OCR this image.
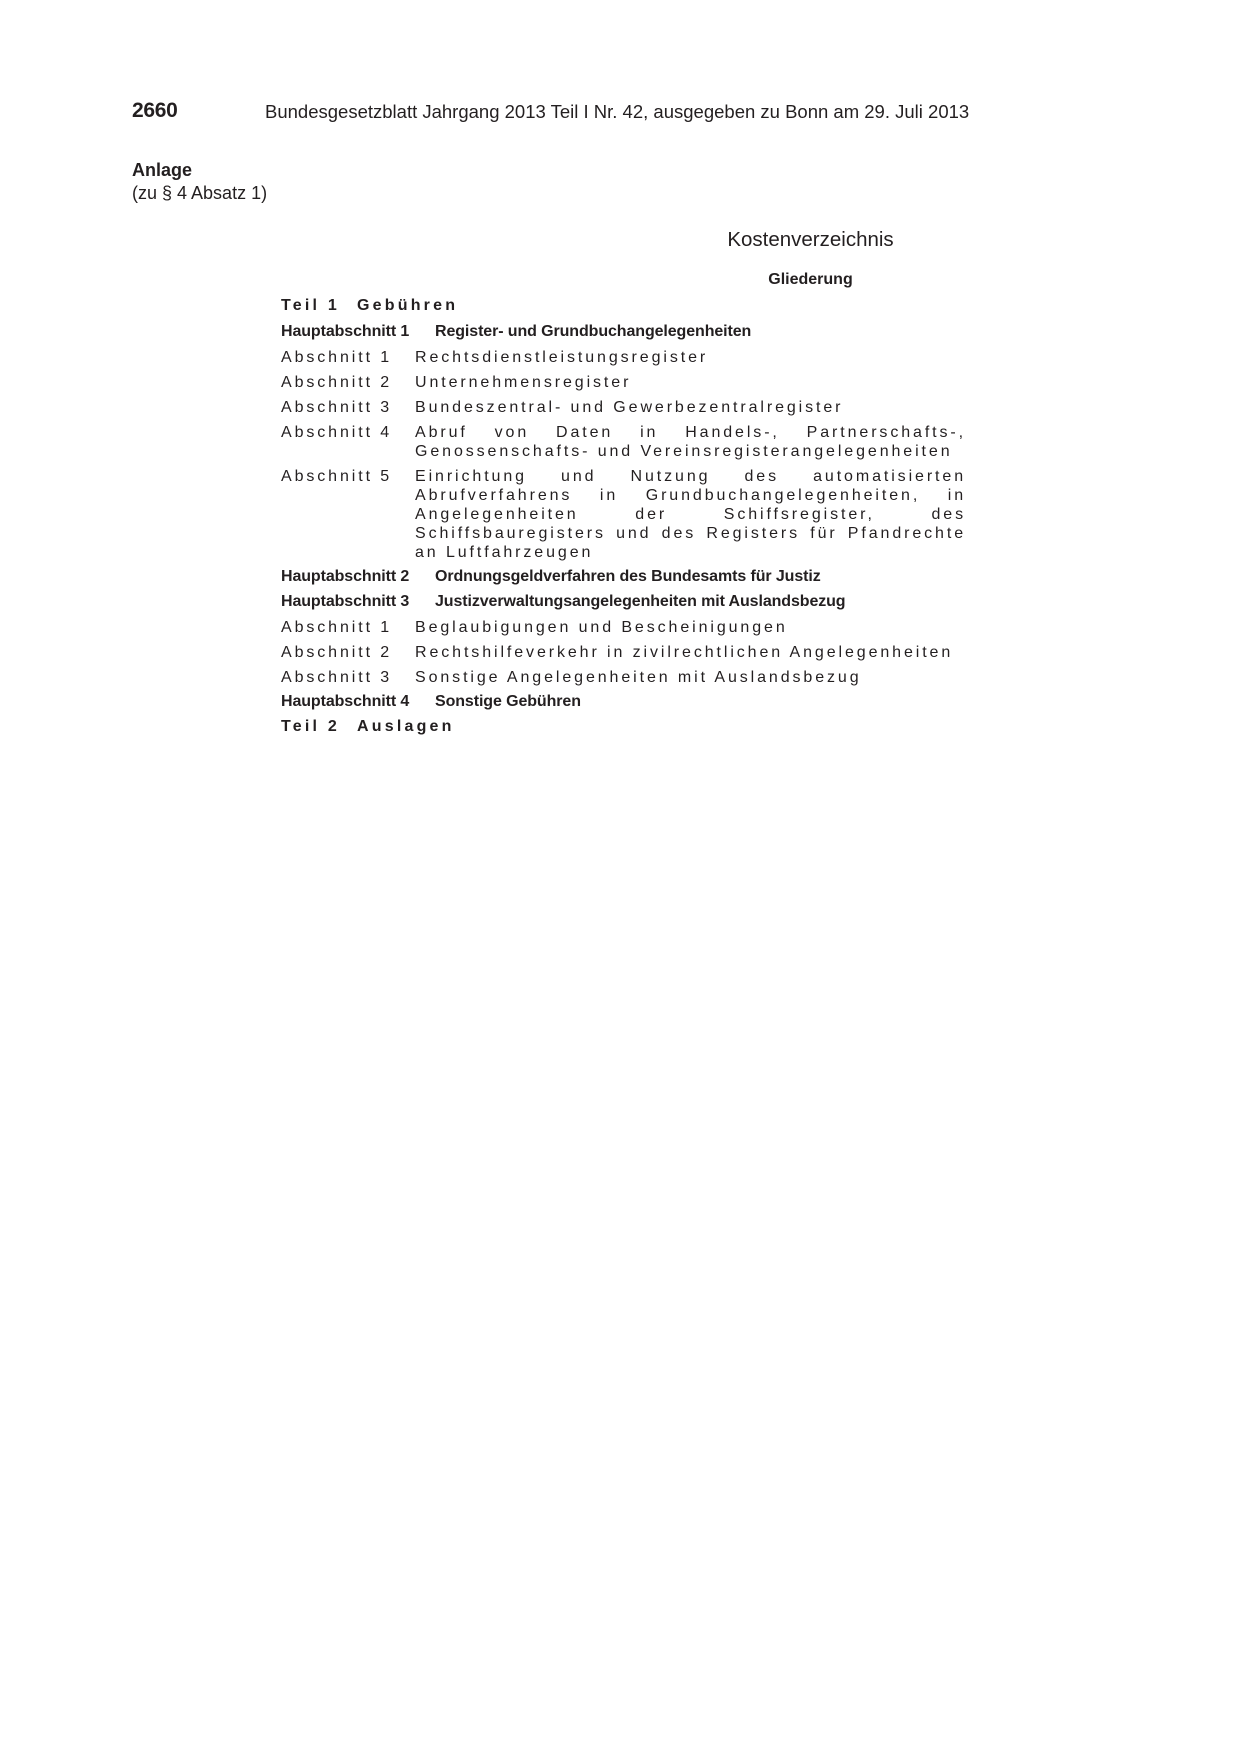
2660	Bundesgesetzblatt Jahrgang 2013 Teil I Nr. 42, ausgegeben zu Bonn am 29. Juli 2013
Anlage
(zu § 4 Absatz 1)
Kostenverzeichnis
Gliederung
Teil 1	Gebühren
Hauptabschnitt 1	Register- und Grundbuchangelegenheiten
Abschnitt 1	Rechtsdienstleistungsregister
Abschnitt 2	Unternehmensregister
Abschnitt 3	Bundeszentral- und Gewerbezentralregister
Abschnitt 4	Abruf von Daten in Handels-, Partnerschafts-, Genossenschafts- und Vereinsregisterangelegenheiten
Abschnitt 5	Einrichtung und Nutzung des automatisierten Abrufverfahrens in Grundbuchangelegenheiten, in Angelegenheiten der Schiffsregister, des Schiffsbauregisters und des Registers für Pfandrechte an Luftfahrzeugen
Hauptabschnitt 2	Ordnungsgeldverfahren des Bundesamts für Justiz
Hauptabschnitt 3	Justizverwaltungsangelegenheiten mit Auslandsbezug
Abschnitt 1	Beglaubigungen und Bescheinigungen
Abschnitt 2	Rechtshilfeverkehr in zivilrechtlichen Angelegenheiten
Abschnitt 3	Sonstige Angelegenheiten mit Auslandsbezug
Hauptabschnitt 4	Sonstige Gebühren
Teil 2	Auslagen
